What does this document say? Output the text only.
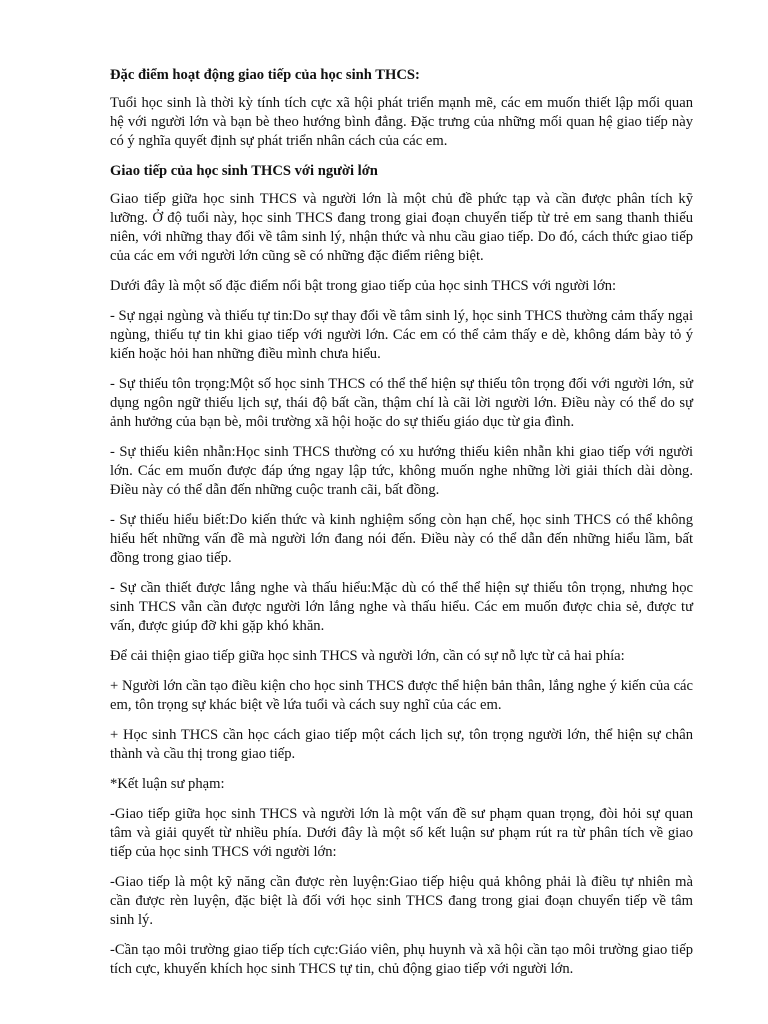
Đặc điểm hoạt động giao tiếp của học sinh THCS:

Tuổi học sinh là thời kỳ tính tích cực xã hội phát triển mạnh mẽ, các em muốn thiết lập mối quan hệ với người lớn và bạn bè theo hướng bình đẳng. Đặc trưng của những mối quan hệ giao tiếp này có ý nghĩa quyết định sự phát triển nhân cách của các em.

Giao tiếp của học sinh THCS với người lớn

Giao tiếp giữa học sinh THCS và người lớn là một chủ đề phức tạp và cần được phân tích kỹ lưỡng. Ở độ tuổi này, học sinh THCS đang trong giai đoạn chuyển tiếp từ trẻ em sang thanh thiếu niên, với những thay đổi về tâm sinh lý, nhận thức và nhu cầu giao tiếp. Do đó, cách thức giao tiếp của các em với người lớn cũng sẽ có những đặc điểm riêng biệt.

Dưới đây là một số đặc điểm nổi bật trong giao tiếp của học sinh THCS với người lớn:

- Sự ngại ngùng và thiếu tự tin:Do sự thay đổi về tâm sinh lý, học sinh THCS thường cảm thấy ngại ngùng, thiếu tự tin khi giao tiếp với người lớn. Các em có thể cảm thấy e dè, không dám bày tỏ ý kiến hoặc hỏi han những điều mình chưa hiểu.

- Sự thiếu tôn trọng:Một số học sinh THCS có thể thể hiện sự thiếu tôn trọng đối với người lớn, sử dụng ngôn ngữ thiếu lịch sự, thái độ bất cần, thậm chí là cãi lời người lớn. Điều này có thể do sự ảnh hưởng của bạn bè, môi trường xã hội hoặc do sự thiếu giáo dục từ gia đình.

- Sự thiếu kiên nhẫn:Học sinh THCS thường có xu hướng thiếu kiên nhẫn khi giao tiếp với người lớn. Các em muốn được đáp ứng ngay lập tức, không muốn nghe những lời giải thích dài dòng. Điều này có thể dẫn đến những cuộc tranh cãi, bất đồng.

- Sự thiếu hiểu biết:Do kiến thức và kinh nghiệm sống còn hạn chế, học sinh THCS có thể không hiểu hết những vấn đề mà người lớn đang nói đến. Điều này có thể dẫn đến những hiểu lầm, bất đồng trong giao tiếp.

- Sự cần thiết được lắng nghe và thấu hiểu:Mặc dù có thể thể hiện sự thiếu tôn trọng, nhưng học sinh THCS vẫn cần được người lớn lắng nghe và thấu hiểu. Các em muốn được chia sẻ, được tư vấn, được giúp đỡ khi gặp khó khăn.

Để cải thiện giao tiếp giữa học sinh THCS và người lớn, cần có sự nỗ lực từ cả hai phía:

+ Người lớn cần tạo điều kiện cho học sinh THCS được thể hiện bản thân, lắng nghe ý kiến của các em, tôn trọng sự khác biệt về lứa tuổi và cách suy nghĩ của các em.

+ Học sinh THCS cần học cách giao tiếp một cách lịch sự, tôn trọng người lớn, thể hiện sự chân thành và cầu thị trong giao tiếp.

*Kết luận sư phạm:

-Giao tiếp giữa học sinh THCS và người lớn là một vấn đề sư phạm quan trọng, đòi hỏi sự quan tâm và giải quyết từ nhiều phía. Dưới đây là một số kết luận sư phạm rút ra từ phân tích về giao tiếp của học sinh THCS với người lớn:

-Giao tiếp là một kỹ năng cần được rèn luyện:Giao tiếp hiệu quả không phải là điều tự nhiên mà cần được rèn luyện, đặc biệt là đối với học sinh THCS đang trong giai đoạn chuyển tiếp về tâm sinh lý.

-Cần tạo môi trường giao tiếp tích cực:Giáo viên, phụ huynh và xã hội cần tạo môi trường giao tiếp tích cực, khuyến khích học sinh THCS tự tin, chủ động giao tiếp với người lớn.
